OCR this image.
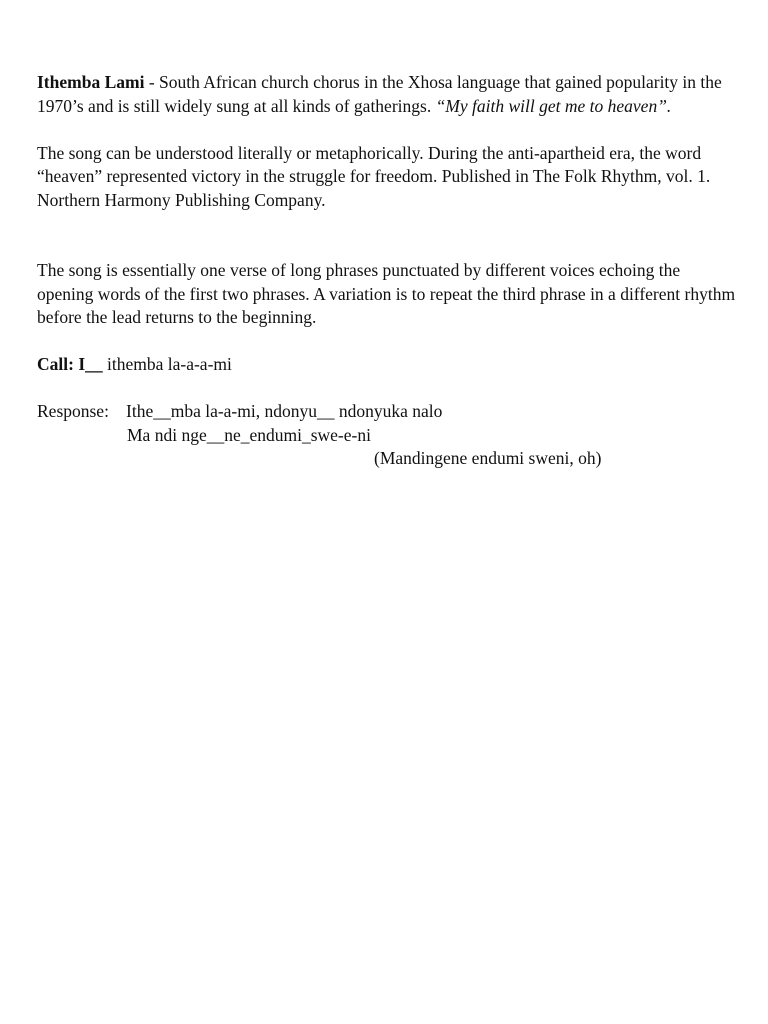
Ithemba Lami - South African church chorus in the Xhosa language that gained popularity in the 1970’s and is still widely sung at all kinds of gatherings. “My faith will get me to heaven”.

The song can be understood literally or metaphorically. During the anti-apartheid era, the word “heaven” represented victory in the struggle for freedom. Published in The Folk Rhythm, vol. 1. Northern Harmony Publishing Company.

The song is essentially one verse of long phrases punctuated by different voices echoing the opening words of the first two phrases. A variation is to repeat the third phrase in a different rhythm before the lead returns to the beginning.

Call: I__ ithemba la-a-a-mi

Response: Ithe__mba la-a-mi, ndonyu__ ndonyuka nalo
Ma ndi nge__ne_endumi_swe-e-ni
(Mandingene endumi sweni, oh)
